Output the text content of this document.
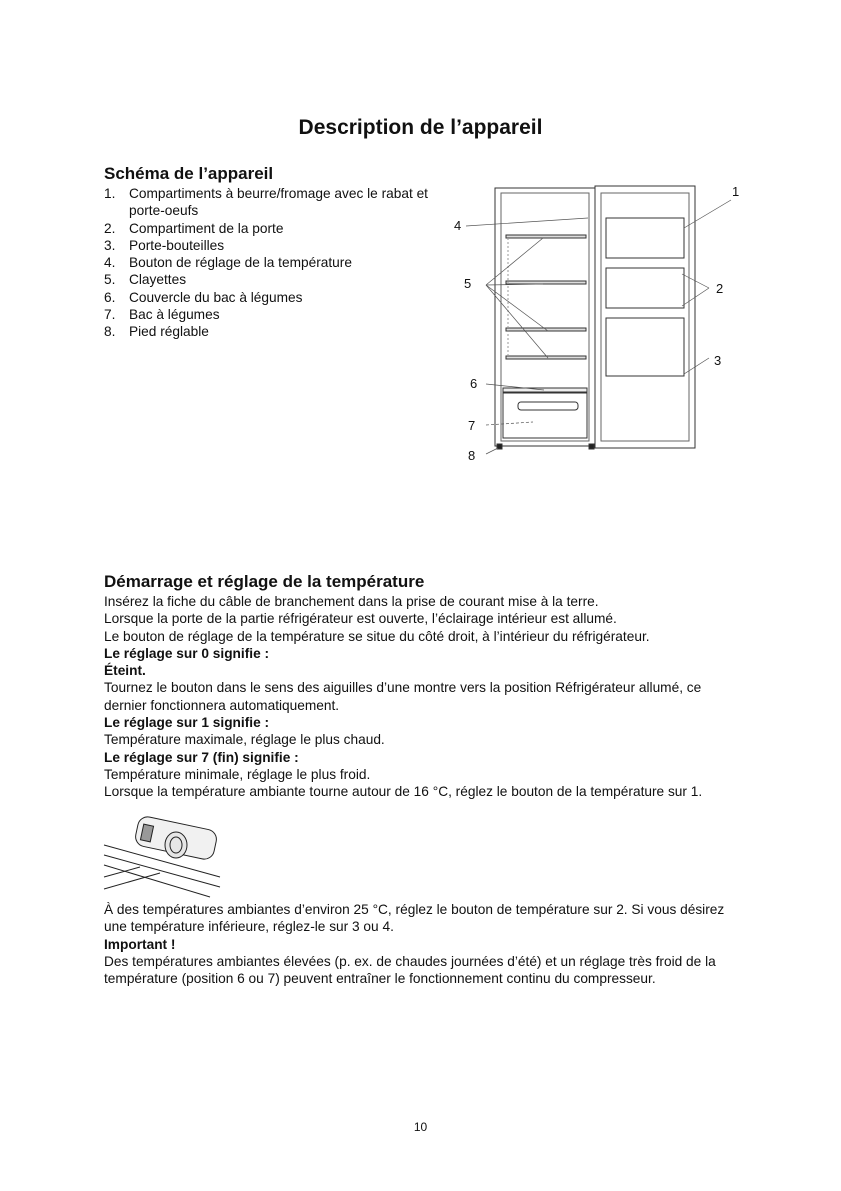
Description de l’appareil
Schéma de l’appareil
1. Compartiments à beurre/fromage avec le rabat et porte-oeufs
2. Compartiment de la porte
3. Porte-bouteilles
4. Bouton de réglage de la température
5. Clayettes
6. Couvercle du bac à légumes
7. Bac à légumes
8. Pied réglable
1
2
3
4
5
6
7
8
Démarrage et réglage de la température

Insérez la fiche du câble de branchement dans la prise de courant mise à la terre.

Lorsque la porte de la partie réfrigérateur est ouverte, l’éclairage intérieur est allumé.

Le bouton de réglage de la température se situe du côté droit, à l’intérieur du réfrigérateur.

Le réglage sur 0 signifie :

Éteint.

Tournez le bouton dans le sens des aiguilles d’une montre vers la position Réfrigérateur allumé, ce dernier fonctionnera automatiquement.

Le réglage sur 1 signifie :

Température maximale, réglage le plus chaud.

Le réglage sur 7 (fin) signifie :

Température minimale, réglage le plus froid.

Lorsque la température ambiante tourne autour de 16 °C, réglez le bouton de la température sur 1.

À des températures ambiantes d’environ 25 °C, réglez le bouton de température sur 2. Si vous désirez une température inférieure, réglez-le sur 3 ou 4.

Important !

Des températures ambiantes élevées (p. ex. de chaudes journées d’été) et un réglage très froid de la température (position 6 ou 7) peuvent entraîner le fonctionnement continu du compresseur.

10
